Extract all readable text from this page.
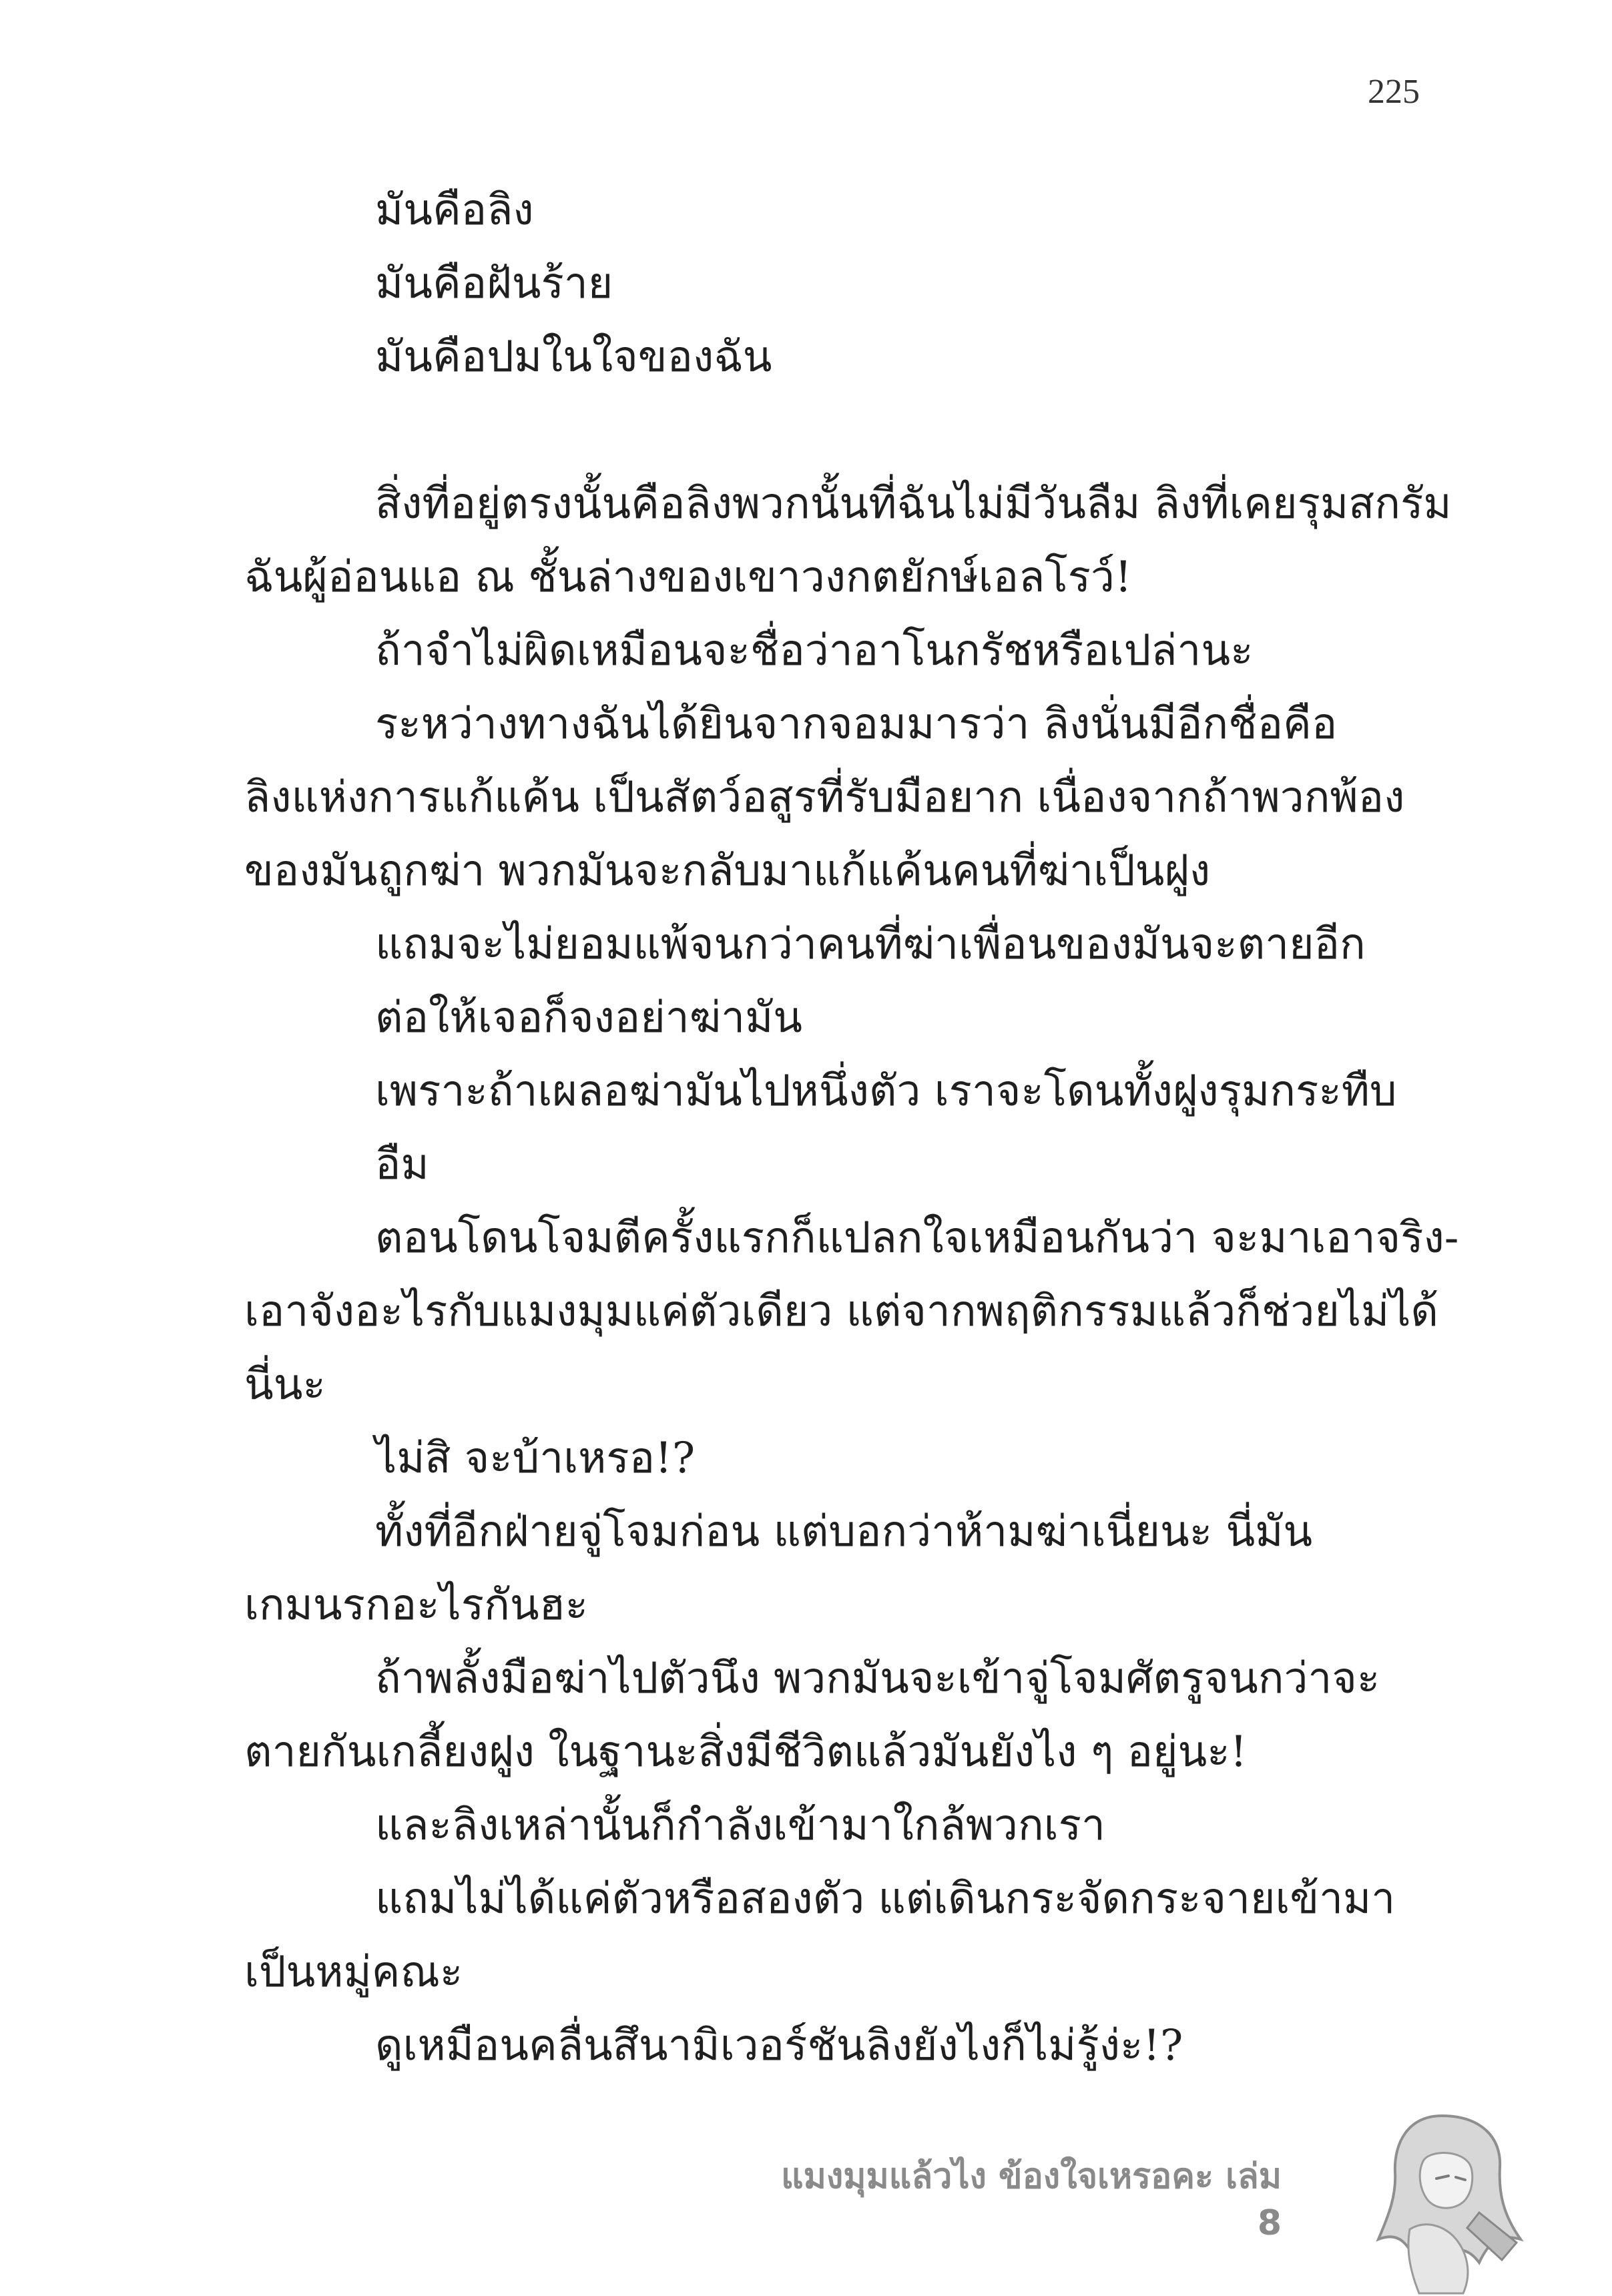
225
มันคือลิง
มันคือฝันร้าย
มันคือปมในใจของฉัน
สิ่งที่อยู่ตรงนั้นคือลิงพวกนั้นที่ฉันไม่มีวันลืม ลิงที่เคยรุมสกรัม
ฉันผู้อ่อนแอ ณ ชั้นล่างของเขาวงกตยักษ์เอลโรว์!
ถ้าจำไม่ผิดเหมือนจะชื่อว่าอาโนกรัชหรือเปล่านะ
ระหว่างทางฉันได้ยินจากจอมมารว่า ลิงนั่นมีอีกชื่อคือ
ลิงแห่งการแก้แค้น เป็นสัตว์อสูรที่รับมือยาก เนื่องจากถ้าพวกพ้อง
ของมันถูกฆ่า พวกมันจะกลับมาแก้แค้นคนที่ฆ่าเป็นฝูง
แถมจะไม่ยอมแพ้จนกว่าคนที่ฆ่าเพื่อนของมันจะตายอีก
ต่อให้เจอก็จงอย่าฆ่ามัน
เพราะถ้าเผลอฆ่ามันไปหนึ่งตัว เราจะโดนทั้งฝูงรุมกระทืบ
อืม
ตอนโดนโจมตีครั้งแรกก็แปลกใจเหมือนกันว่า จะมาเอาจริง-
เอาจังอะไรกับแมงมุมแค่ตัวเดียว แต่จากพฤติกรรมแล้วก็ช่วยไม่ได้
นี่นะ
ไม่สิ จะบ้าเหรอ!?
ทั้งที่อีกฝ่ายจู่โจมก่อน แต่บอกว่าห้ามฆ่าเนี่ยนะ นี่มัน
เกมนรกอะไรกันฮะ
ถ้าพลั้งมือฆ่าไปตัวนึง พวกมันจะเข้าจู่โจมศัตรูจนกว่าจะ
ตายกันเกลี้ยงฝูง ในฐานะสิ่งมีชีวิตแล้วมันยังไง ๆ อยู่นะ!
และลิงเหล่านั้นก็กำลังเข้ามาใกล้พวกเรา
แถมไม่ได้แค่ตัวหรือสองตัว แต่เดินกระจัดกระจายเข้ามา
เป็นหมู่คณะ
ดูเหมือนคลื่นสึนามิเวอร์ชันลิงยังไงก็ไม่รู้ง่ะ!?
แมงมุมแล้วไง ข้องใจเหรอคะ เล่ม 8
